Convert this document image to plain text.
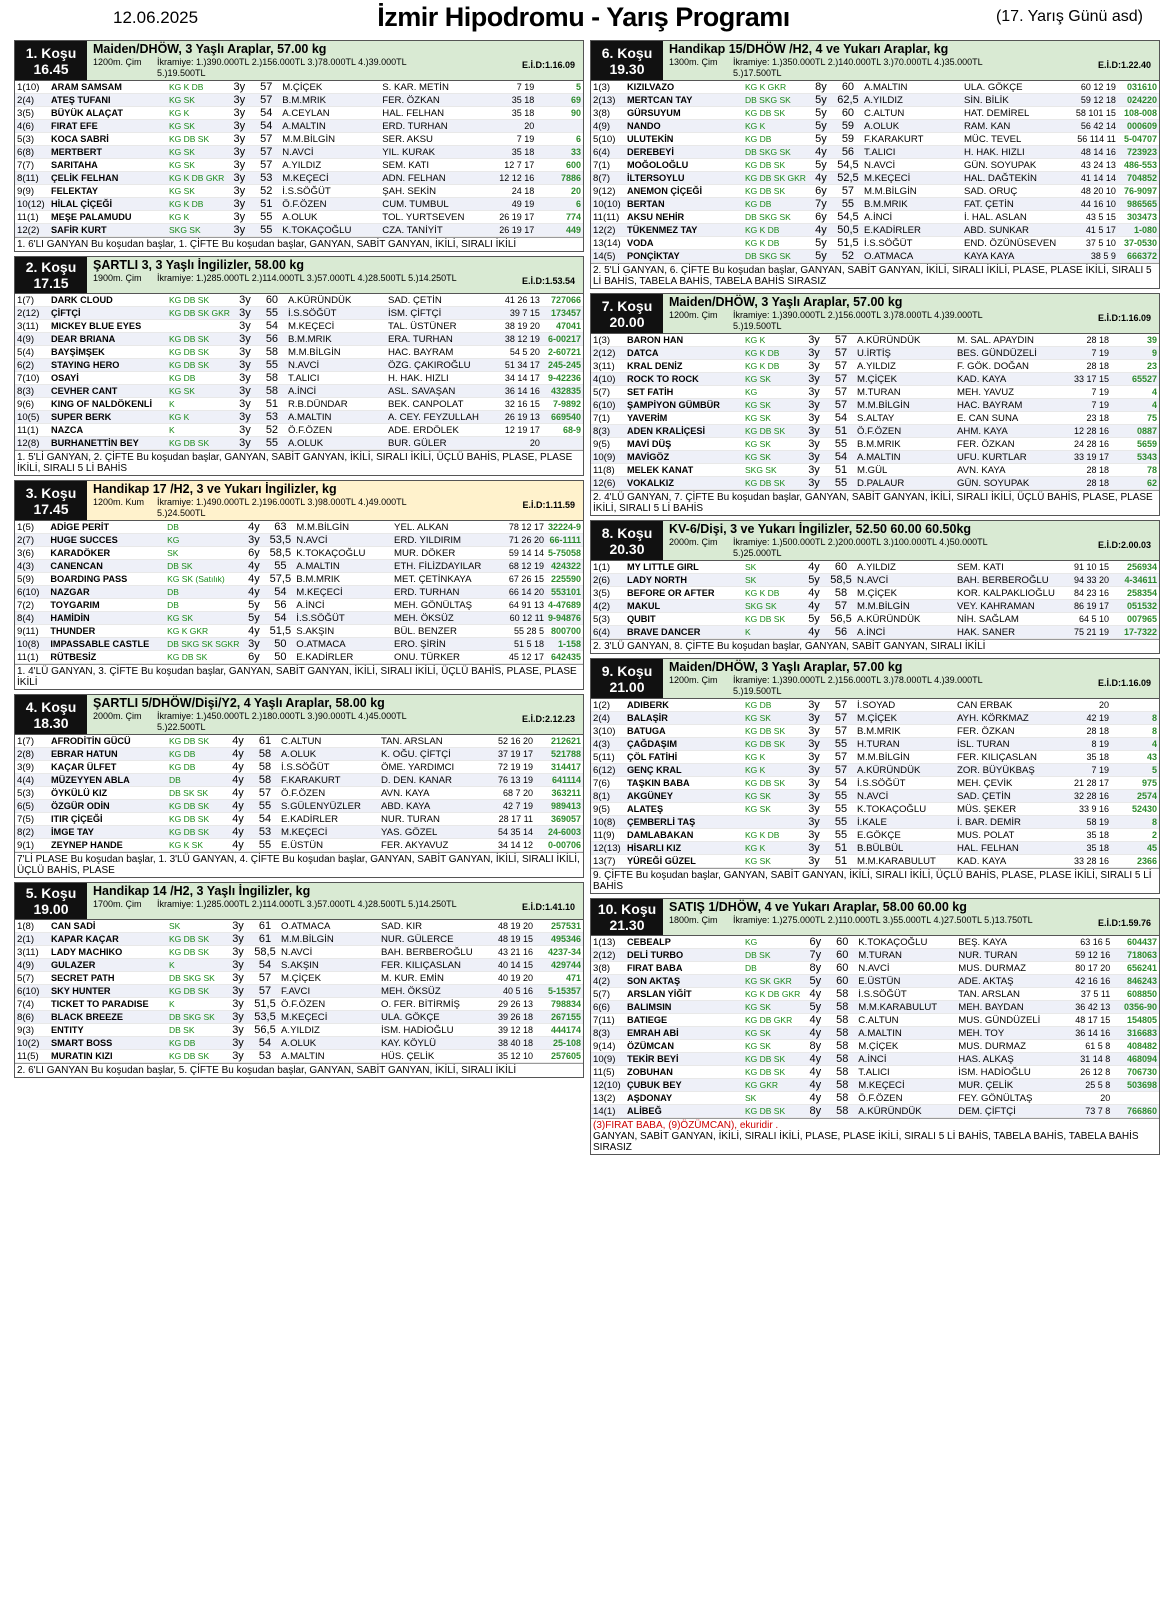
12.06.2025	İzmir Hipodromu - Yarış Programı	(17. Yarış Günü asd)
1. Koşu
16.45
Maiden/DHÖW, 3 Yaşlı Araplar, 57.00 kg
1200m. Çim	İkramiye: 1.)390.000TL 2.)156.000TL 3.)78.000TL 4.)39.000TL 5.)19.500TL
E.İ.D:1.16.09
1(10)	ARAM SAMSAM	KG K DB	3y	57	M.ÇİÇEK	S. KAR. METİN	7 19	5
2(4)	ATEŞ TUFANI	KG SK	3y	57	B.M.MRIK	FER. ÖZKAN	35 18	69
3(5)	BÜYÜK ALAÇAT	KG K	3y	54	A.CEYLAN	HAL. FELHAN	35 18	90
4(6)	FIRAT EFE	KG SK	3y	54	A.MALTIN	ERD. TURHAN	20	
5(3)	KOCA SABRİ	KG DB SK	3y	57	M.M.BİLGİN	SER. AKSU	7 19	6
6(8)	MERTBERT	KG SK	3y	57	N.AVCİ	YIL. KURAK	35 18	33
7(7)	SARITAHA	KG SK	3y	57	A.YILDIZ	SEM. KATI	12 7 17	600
8(11)	ÇELİK FELHAN	KG K DB GKR	3y	53	M.KEÇECİ	ADN. FELHAN	12 12 16	7886
9(9)	FELEKTAY	KG SK	3y	52	İ.S.SÖĞÜT	ŞAH. SEKİN	24 18	20
10(12)	HİLAL ÇİÇEĞİ	KG K DB	3y	51	Ö.F.ÖZEN	CUM. TUMBUL	49 19	6
11(1)	MEŞE PALAMUDU	KG K	3y	55	A.OLUK	TOL. YURTSEVEN	26 19 17	774
12(2)	SAFİR KURT	SKG SK	3y	55	K.TOKAÇOĞLU	CZA. TANİYİT	26 19 17	449
1. 6'LI GANYAN Bu koşudan başlar, 1. ÇİFTE Bu koşudan başlar, GANYAN, SABİT GANYAN, İKİLİ, SIRALI İKİLİ
2. Koşu
17.15
ŞARTLI 3, 3 Yaşlı İngilizler, 58.00 kg
1900m. Çim	İkramiye: 1.)285.000TL 2.)114.000TL 3.)57.000TL 4.)28.500TL 5.)14.250TL	E.İ.D:1.53.54
1(7)	DARK CLOUD	KG DB SK	3y	60	A.KÜRÜNDÜK	SAD. ÇETİN	41 26 13	727066
2(12)	ÇİFTÇİ	KG DB SK GKR	3y	55	İ.S.SÖĞÜT	İSM. ÇİFTÇİ	39 7 15	173457
3(11)	MICKEY BLUE EYES		3y	54	M.KEÇECİ	TAL. ÜSTÜNER	38 19 20	47041
4(9)	DEAR BRIANA	KG DB SK	3y	56	B.M.MRIK	ERA. TURHAN	38 12 19	6-00217
5(4)	BAYŞİMŞEK	KG DB SK	3y	58	M.M.BİLGİN	HAC. BAYRAM	54 5 20	2-60721
6(2)	STAYING HERO	KG DB SK	3y	55	N.AVCİ	ÖZG. ÇAKIROĞLU	51 34 17	245-245
7(10)	OSAYİ	KG DB	3y	58	T.ALICI	H. HAK. HIZLI	34 14 17	9-42236
8(3)	CEVHER CANT	KG SK	3y	58	A.İNCİ	ASL. SAVAŞAN	36 14 16	432835
9(6)	KING OF NALDÖKENLİ	K	3y	51	R.B.DÜNDAR	BEK. CANPOLAT	32 16 15	7-9892
10(5)	SUPER BERK	KG K	3y	53	A.MALTIN	A. CEY. FEYZULLAH	26 19 13	669540
11(1)	NAZCA	K	3y	52	Ö.F.ÖZEN	ADE. ERDÖLEK	12 19 17	68-9
12(8)	BURHANETTİN BEY	KG DB SK	3y	55	A.OLUK	BUR. GÜLER	20	
1. 5'Lİ GANYAN, 2. ÇİFTE Bu koşudan başlar, GANYAN, SABİT GANYAN, İKİLİ, SIRALI İKİLİ, ÜÇLÜ BAHİS, PLASE, PLASE İKİLİ, SIRALI 5 Lİ BAHİS
3. Koşu
17.45
Handikap 17 /H2, 3 ve Yukarı İngilizler, kg
1200m. Kum	İkramiye: 1.)490.000TL 2.)196.000TL 3.)98.000TL 4.)49.000TL 5.)24.500TL
E.İ.D:1.11.59
1(5)	ADİGE PERİT	DB	4y	63	M.M.BİLGİN	YEL. ALKAN	78 12 17	32224-9
2(7)	HUGE SUCCES	KG	3y	53,5	N.AVCİ	ERD. YILDIRIM	71 26 20	66-1111
3(6)	KARADÖKER	SK	6y	58,5	K.TOKAÇOĞLU	MUR. DÖKER	59 14 14	5-75058
4(3)	CANENCAN	DB SK	4y	55	A.MALTIN	ETH. FİLİZDAYILAR	68 12 19	424322
5(9)	BOARDING PASS	KG SK (Satılık)	4y	57,5	B.M.MRIK	MET. ÇETİNKAYA	67 26 15	225590
6(10)	NAZGAR	DB	4y	54	M.KEÇECİ	ERD. TURHAN	66 14 20	553101
7(2)	TOYGARIM	DB	5y	56	A.İNCİ	MEH. GÖNÜLTAŞ	64 91 13	4-47689
8(4)	HAMİDİN	KG SK	5y	54	İ.S.SÖĞÜT	MEH. ÖKSÜZ	60 12 11	9-94876
9(11)	THUNDER	KG K GKR	4y	51,5	S.AKŞIN	BÜL. BENZER	55 28 5	800700
10(8)	IMPASSABLE CASTLE	DB SKG SK SGKR	3y	50	O.ATMACA	ERO. ŞİRİN	51 5 18	1-158
11(1)	RÜTBESİZ	KG DB SK	6y	50	E.KADİRLER	ONU. TÜRKER	45 12 17	642435
1. 4'LÜ GANYAN, 3. ÇİFTE Bu koşudan başlar, GANYAN, SABİT GANYAN, İKİLİ, SIRALI İKİLİ, ÜÇLÜ BAHİS, PLASE, PLASE İKİLİ
4. Koşu
18.30
ŞARTLI 5/DHÖW/Dişi/Y2, 4 Yaşlı Araplar, 58.00 kg
2000m. Çim	İkramiye: 1.)450.000TL 2.)180.000TL 3.)90.000TL 4.)45.000TL 5.)22.500TL
E.İ.D:2.12.23
1(7)	AFRODİTİN GÜCÜ	KG DB SK	4y	61	C.ALTUN	TAN. ARSLAN	52 16 20	212621
2(8)	EBRAR HATUN	KG DB	4y	58	A.OLUK	K. OĞU. ÇİFTÇİ	37 19 17	521788
3(9)	KAÇAR ÜLFET	KG DB	4y	58	İ.S.SÖĞÜT	ÖME. YARDIMCI	72 19 19	314417
4(4)	MÜZEYYEN ABLA	DB	4y	58	F.KARAKURT	D. DEN. KANAR	76 13 19	641114
5(3)	ÖYKÜLÜ KIZ	DB SK SK	4y	57	Ö.F.ÖZEN	AVN. KAYA	68 7 20	363211
6(5)	ÖZGÜR ODİN	KG DB SK	4y	55	S.GÜLENYÜZLER	ABD. KAYA	42 7 19	989413
7(5)	ITIR ÇİÇEĞİ	KG DB SK	4y	54	E.KADİRLER	NUR. TURAN	28 17 11	369057
8(2)	İMGE TAY	KG DB SK	4y	53	M.KEÇECİ	YAS. GÖZEL	54 35 14	24-6003
9(1)	ZEYNEP HANDE	KG K SK	4y	55	E.ÜSTÜN	FER. AKYAVUZ	34 14 12	0-00706
7'Lİ PLASE Bu koşudan başlar, 1. 3'LÜ GANYAN, 4. ÇİFTE Bu koşudan başlar, GANYAN, SABİT GANYAN, İKİLİ, SIRALI İKİLİ, ÜÇLÜ BAHİS, PLASE
5. Koşu
19.00
Handikap 14 /H2, 3 Yaşlı İngilizler, kg
1700m. Çim	İkramiye: 1.)285.000TL 2.)114.000TL 3.)57.000TL 4.)28.500TL 5.)14.250TL	E.İ.D:1.41.10
1(8)	CAN SADİ	SK	3y	61	O.ATMACA	SAD. KIR	48 19 20	257531
2(1)	KAPAR KAÇAR	KG DB SK	3y	61	M.M.BİLGİN	NUR. GÜLERCE	48 19 15	495346
3(11)	LADY MACHIKO	KG DB SK	3y	58,5	N.AVCİ	BAH. BERBEROĞLU	43 21 16	4237-34
4(9)	GULAZER	K	3y	54	S.AKŞIN	FER. KILIÇASLAN	40 14 15	429744
5(7)	SECRET PATH	DB SKG SK	3y	57	M.ÇİÇEK	M. KUR. EMİN	40 19 20	471
6(10)	SKY HUNTER	KG DB SK	3y	57	F.AVCI	MEH. ÖKSÜZ	40 5 16	5-15357
7(4)	TICKET TO PARADISE	K	3y	51,5	Ö.F.ÖZEN	O. FER. BİTİRMİŞ	29 26 13	798834
8(6)	BLACK BREEZE	DB SKG SK	3y	53,5	M.KEÇECİ	ULA. GÖKÇE	39 26 18	267155
9(3)	ENTITY	DB SK	3y	56,5	A.YILDIZ	İSM. HADİOĞLU	39 12 18	444174
10(2)	SMART BOSS	KG DB	3y	54	A.OLUK	KAY. KÖYLÜ	38 40 18	25-108
11(5)	MURATIN KIZI	KG DB SK	3y	53	A.MALTIN	HÜS. ÇELİK	35 12 10	257605
2. 6'LI GANYAN Bu koşudan başlar, 5. ÇİFTE Bu koşudan başlar, GANYAN, SABİT GANYAN, İKİLİ, SIRALI İKİLİ
6. Koşu
19.30
Handikap 15/DHÖW /H2, 4 ve Yukarı Araplar, kg
1300m. Çim	İkramiye: 1.)350.000TL 2.)140.000TL 3.)70.000TL 4.)35.000TL 5.)17.500TL
E.İ.D:1.22.40
1(3)	KIZILVAZO	KG K GKR	8y	60	A.MALTIN	ULA. GÖKÇE	60 12 19	031610
2(13)	MERTCAN TAY	DB SKG SK	5y	62,5	A.YILDIZ	SİN. BİLİK	59 12 18	024220
3(8)	GÜRSUYUM	KG DB SK	5y	60	C.ALTUN	HAT. DEMİREL	58 101 15	108-008
4(9)	NANDO	KG K	5y	59	A.OLUK	RAM. KAN	56 42 14	000609
5(10)	ULUTEKİN	KG DB	5y	59	F.KARAKURT	MÜC. TEVEL	56 114 11	5-04707
6(4)	DEREBEYİ	DB SKG SK	4y	56	T.ALICI	H. HAK. HIZLI	48 14 16	723923
7(1)	MOĞOLOĞLU	KG DB SK	5y	54,5	N.AVCİ	GÜN. SOYUPAK	43 24 13	486-553
8(7)	İLTERSOYLU	KG DB SK GKR	4y	52,5	M.KEÇECİ	HAL. DAĞTEKİN	41 14 14	704852
9(12)	ANEMON ÇİÇEĞİ	KG DB SK	6y	57	M.M.BİLGİN	SAD. ORUÇ	48 20 10	76-9097
10(10)	BERTAN	KG DB	7y	55	B.M.MRIK	FAT. ÇETİN	44 16 10	986565
11(11)	AKSU NEHİR	DB SKG SK	6y	54,5	A.İNCİ	İ. HAL. ASLAN	43 5 15	303473
12(2)	TÜKENMEZ TAY	KG K DB	4y	50,5	E.KADİRLER	ABD. SUNKAR	41 5 17	1-080
13(14)	VODA	KG K DB	5y	51,5	İ.S.SÖĞÜT	END. ÖZÜNÜSEVEN	37 5 10	37-0530
14(5)	PONÇİKTAY	DB SKG SK	5y	52	O.ATMACA	KAYA KAYA	38 5 9	666372
2. 5'Lİ GANYAN, 6. ÇİFTE Bu koşudan başlar, GANYAN, SABİT GANYAN, İKİLİ, SIRALI İKİLİ, PLASE, PLASE İKİLİ, SIRALI 5 Lİ BAHİS, TABELA BAHİS, TABELA BAHİS SIRASIZ
7. Koşu
20.00
Maiden/DHÖW, 3 Yaşlı Araplar, 57.00 kg
1200m. Çim	İkramiye: 1.)390.000TL 2.)156.000TL 3.)78.000TL 4.)39.000TL 5.)19.500TL
E.İ.D:1.16.09
1(3)	BARON HAN	KG K	3y	57	A.KÜRÜNDÜK	M. SAL. APAYDIN	28 18	39
2(12)	DATCA	KG K DB	3y	57	U.İRTİŞ	BES. GÜNDÜZELİ	7 19	9
3(11)	KRAL DENİZ	KG K DB	3y	57	A.YILDIZ	F. GÖK. DOĞAN	28 18	23
4(10)	ROCK TO ROCK	KG SK	3y	57	M.ÇİÇEK	KAD. KAYA	33 17 15	65527
5(7)	SET FATİH	KG	3y	57	M.TURAN	MEH. YAVUZ	7 19	4
6(10)	ŞAMPİYON GÜMBÜR	KG SK	3y	57	M.M.BİLGİN	HAC. BAYRAM	7 19	4
7(1)	YAVERİM	KG SK	3y	54	S.ALTAY	E. CAN SUNA	23 18	75
8(3)	ADEN KRALİÇESİ	KG DB SK	3y	51	Ö.F.ÖZEN	AHM. KAYA	12 28 16	0887
9(5)	MAVİ DÜŞ	KG SK	3y	55	B.M.MRIK	FER. ÖZKAN	24 28 16	5659
10(9)	MAVİGÖZ	KG SK	3y	54	A.MALTIN	UFU. KURTLAR	33 19 17	5343
11(8)	MELEK KANAT	SKG SK	3y	51	M.GÜL	AVN. KAYA	28 18	78
12(6)	VOKALKIZ	KG DB SK	3y	55	D.PALAUR	GÜN. SOYUPAK	28 18	62
2. 4'LÜ GANYAN, 7. ÇİFTE Bu koşudan başlar, GANYAN, SABİT GANYAN, İKİLİ, SIRALI İKİLİ, ÜÇLÜ BAHİS, PLASE, PLASE İKİLİ, SIRALI 5 Lİ BAHİS
8. Koşu
20.30
KV-6/Dişi, 3 ve Yukarı İngilizler, 52.50 60.00 60.50kg
2000m. Çim	İkramiye: 1.)500.000TL 2.)200.000TL 3.)100.000TL 4.)50.000TL 5.)25.000TL
E.İ.D:2.00.03
1(1)	MY LITTLE GIRL	SK	4y	60	A.YILDIZ	SEM. KATI	91 10 15	256934
2(6)	LADY NORTH	SK	5y	58,5	N.AVCİ	BAH. BERBEROĞLU	94 33 20	4-34611
3(5)	BEFORE OR AFTER	KG K DB	4y	58	M.ÇİÇEK	KOR. KALPAKLIOĞLU	84 23 16	258354
4(2)	MAKUL	SKG SK	4y	57	M.M.BİLGİN	VEY. KAHRAMAN	86 19 17	051532
5(3)	QUBIT	KG DB SK	5y	56,5	A.KÜRÜNDÜK	NİH. SAĞLAM	64 5 10	007965
6(4)	BRAVE DANCER	K	4y	56	A.İNCİ	HAK. SANER	75 21 19	17-7322
2. 3'LÜ GANYAN, 8. ÇİFTE Bu koşudan başlar, GANYAN, SABİT GANYAN, SIRALI İKİLİ
9. Koşu
21.00
Maiden/DHÖW, 3 Yaşlı Araplar, 57.00 kg
1200m. Çim	İkramiye: 1.)390.000TL 2.)156.000TL 3.)78.000TL 4.)39.000TL 5.)19.500TL
E.İ.D:1.16.09
1(2)	ADIBERK	KG DB	3y	57	İ.SOYAD	CAN ERBAK	20	
2(4)	BALAŞİR	KG SK	3y	57	M.ÇİÇEK	AYH. KÖRKMAZ	42 19	8
3(10)	BATUGA	KG DB SK	3y	57	B.M.MRIK	FER. ÖZKAN	28 18	8
4(3)	ÇAĞDAŞIM	KG DB SK	3y	55	H.TURAN	İSL. TURAN	8 19	4
5(11)	ÇÖL FATİHİ	KG K	3y	57	M.M.BİLGİN	FER. KILIÇASLAN	35 18	43
6(12)	GENÇ KRAL	KG K	3y	57	A.KÜRÜNDÜK	ZOR. BÜYÜKBAŞ	7 19	5
7(6)	TAŞKIN BABA	KG DB SK	3y	54	İ.S.SÖĞÜT	MEH. ÇEVİK	21 28 17	975
8(1)	AKGÜNEY	KG SK	3y	55	N.AVCİ	SAD. ÇETİN	32 28 16	2574
9(5)	ALATEŞ	KG SK	3y	55	K.TOKAÇOĞLU	MÜS. ŞEKER	33 9 16	52430
10(8)	ÇEMBERLİ TAŞ		3y	55	İ.KALE	İ. BAR. DEMİR	58 19	8
11(9)	DAMLABAKAN	KG K DB	3y	55	E.GÖKÇE	MUS. POLAT	35 18	2
12(13)	HİSARLI KIZ	KG K	3y	51	B.BÜLBÜL	HAL. FELHAN	35 18	45
13(7)	YÜREĞİ GÜZEL	KG SK	3y	51	M.M.KARABULUT	KAD. KAYA	33 28 16	2366
9. ÇİFTE Bu koşudan başlar, GANYAN, SABİT GANYAN, İKİLİ, SIRALI İKİLİ, ÜÇLÜ BAHİS, PLASE, PLASE İKİLİ, SIRALI 5 Lİ BAHİS
10. Koşu
21.30
SATIŞ 1/DHÖW, 4 ve Yukarı Araplar, 58.00 60.00 kg
1800m. Çim	İkramiye: 1.)275.000TL 2.)110.000TL 3.)55.000TL 4.)27.500TL 5.)13.750TL	E.İ.D:1.59.76
1(13)	CEBEALP	KG	6y	60	K.TOKAÇOĞLU	BEŞ. KAYA	63 16 5	604437
2(12)	DELİ TURBO	DB SK	7y	60	M.TURAN	NUR. TURAN	59 12 16	718063
3(8)	FIRAT BABA	DB	8y	60	N.AVCİ	MUS. DURMAZ	80 17 20	656241
4(2)	SON AKTAŞ	KG SK GKR	5y	60	E.ÜSTÜN	ADE. AKTAŞ	42 16 16	846243
5(7)	ARSLAN YİĞİT	KG K DB GKR	4y	58	İ.S.SÖĞÜT	TAN. ARSLAN	37 5 11	608850
6(6)	BALIMSIN	KG SK	5y	58	M.M.KARABULUT	MEH. BAYDAN	36 42 13	0356-90
7(11)	BATIEGE	KG DB GKR	4y	58	C.ALTUN	MUS. GÜNDÜZELİ	48 17 15	154805
8(3)	EMRAH ABİ	KG SK	4y	58	A.MALTIN	MEH. TOY	36 14 16	316683
9(14)	ÖZÜMCAN	KG SK	8y	58	M.ÇİÇEK	MUS. DURMAZ	61 5 8	408482
10(9)	TEKİR BEYİ	KG DB SK	4y	58	A.İNCİ	HAS. ALKAŞ	31 14 8	468094
11(5)	ZOBUHAN	KG DB SK	4y	58	T.ALICI	İSM. HADİOĞLU	26 12 8	706730
12(10)	ÇUBUK BEY	KG GKR	4y	58	M.KEÇECİ	MUR. ÇELİK	25 5 8	503698
13(2)	AŞDONAY	SK	4y	58	Ö.F.ÖZEN	FEY. GÖNÜLTAŞ	20	
14(1)	ALİBEĞ	KG DB SK	8y	58	A.KÜRÜNDÜK	DEM. ÇİFTÇİ	73 7 8	766860
(3)FIRAT BABA, (9)ÖZÜMCAN), ekuridir .
GANYAN, SABİT GANYAN, İKİLİ, SIRALI İKİLİ, PLASE, PLASE İKİLİ, SIRALI 5 Lİ BAHİS, TABELA BAHİS, TABELA BAHİS SIRASIZ
